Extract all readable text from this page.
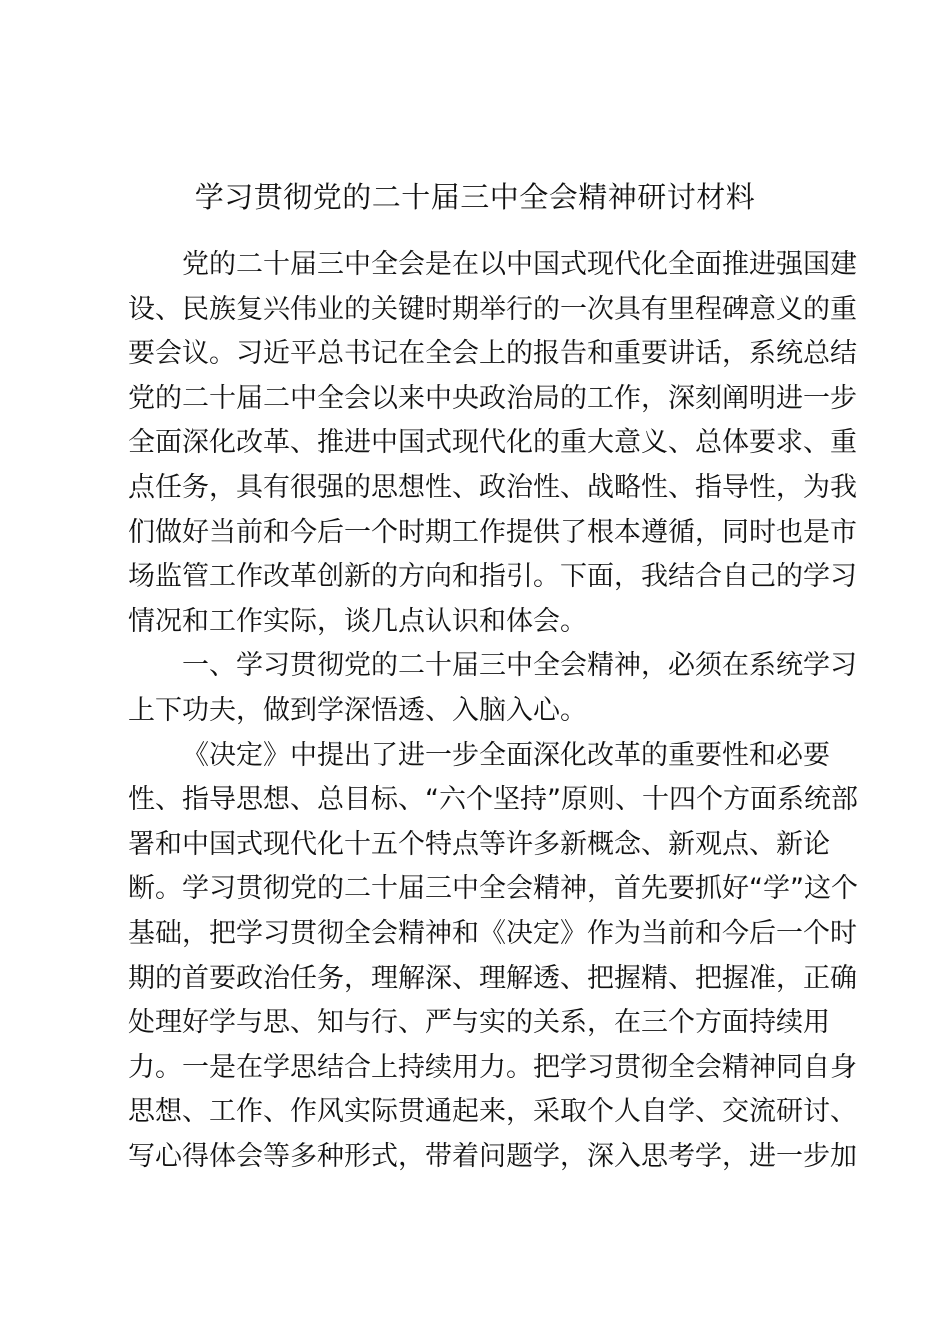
学习贯彻党的二十届三中全会精神研讨材料
党的二十届三中全会是在以中国式现代化全面推进强国建
设、民族复兴伟业的关键时期举行的一次具有里程碑意义的重
要会议。习近平总书记在全会上的报告和重要讲话，系统总结
党的二十届二中全会以来中央政治局的工作，深刻阐明进一步
全面深化改革、推进中国式现代化的重大意义、总体要求、重
点任务，具有很强的思想性、政治性、战略性、指导性，为我
们做好当前和今后一个时期工作提供了根本遵循，同时也是市
场监管工作改革创新的方向和指引。下面，我结合自己的学习
情况和工作实际，谈几点认识和体会。
一、学习贯彻党的二十届三中全会精神，必须在系统学习
上下功夫，做到学深悟透、入脑入心。
《决定》中提出了进一步全面深化改革的重要性和必要
性、指导思想、总目标、“六个坚持”原则、十四个方面系统部
署和中国式现代化十五个特点等许多新概念、新观点、新论
断。学习贯彻党的二十届三中全会精神，首先要抓好“学”这个
基础，把学习贯彻全会精神和《决定》作为当前和今后一个时
期的首要政治任务，理解深、理解透、把握精、把握准，正确
处理好学与思、知与行、严与实的关系，在三个方面持续用
力。一是在学思结合上持续用力。把学习贯彻全会精神同自身
思想、工作、作风实际贯通起来，采取个人自学、交流研讨、
写心得体会等多种形式，带着问题学，深入思考学，进一步加
